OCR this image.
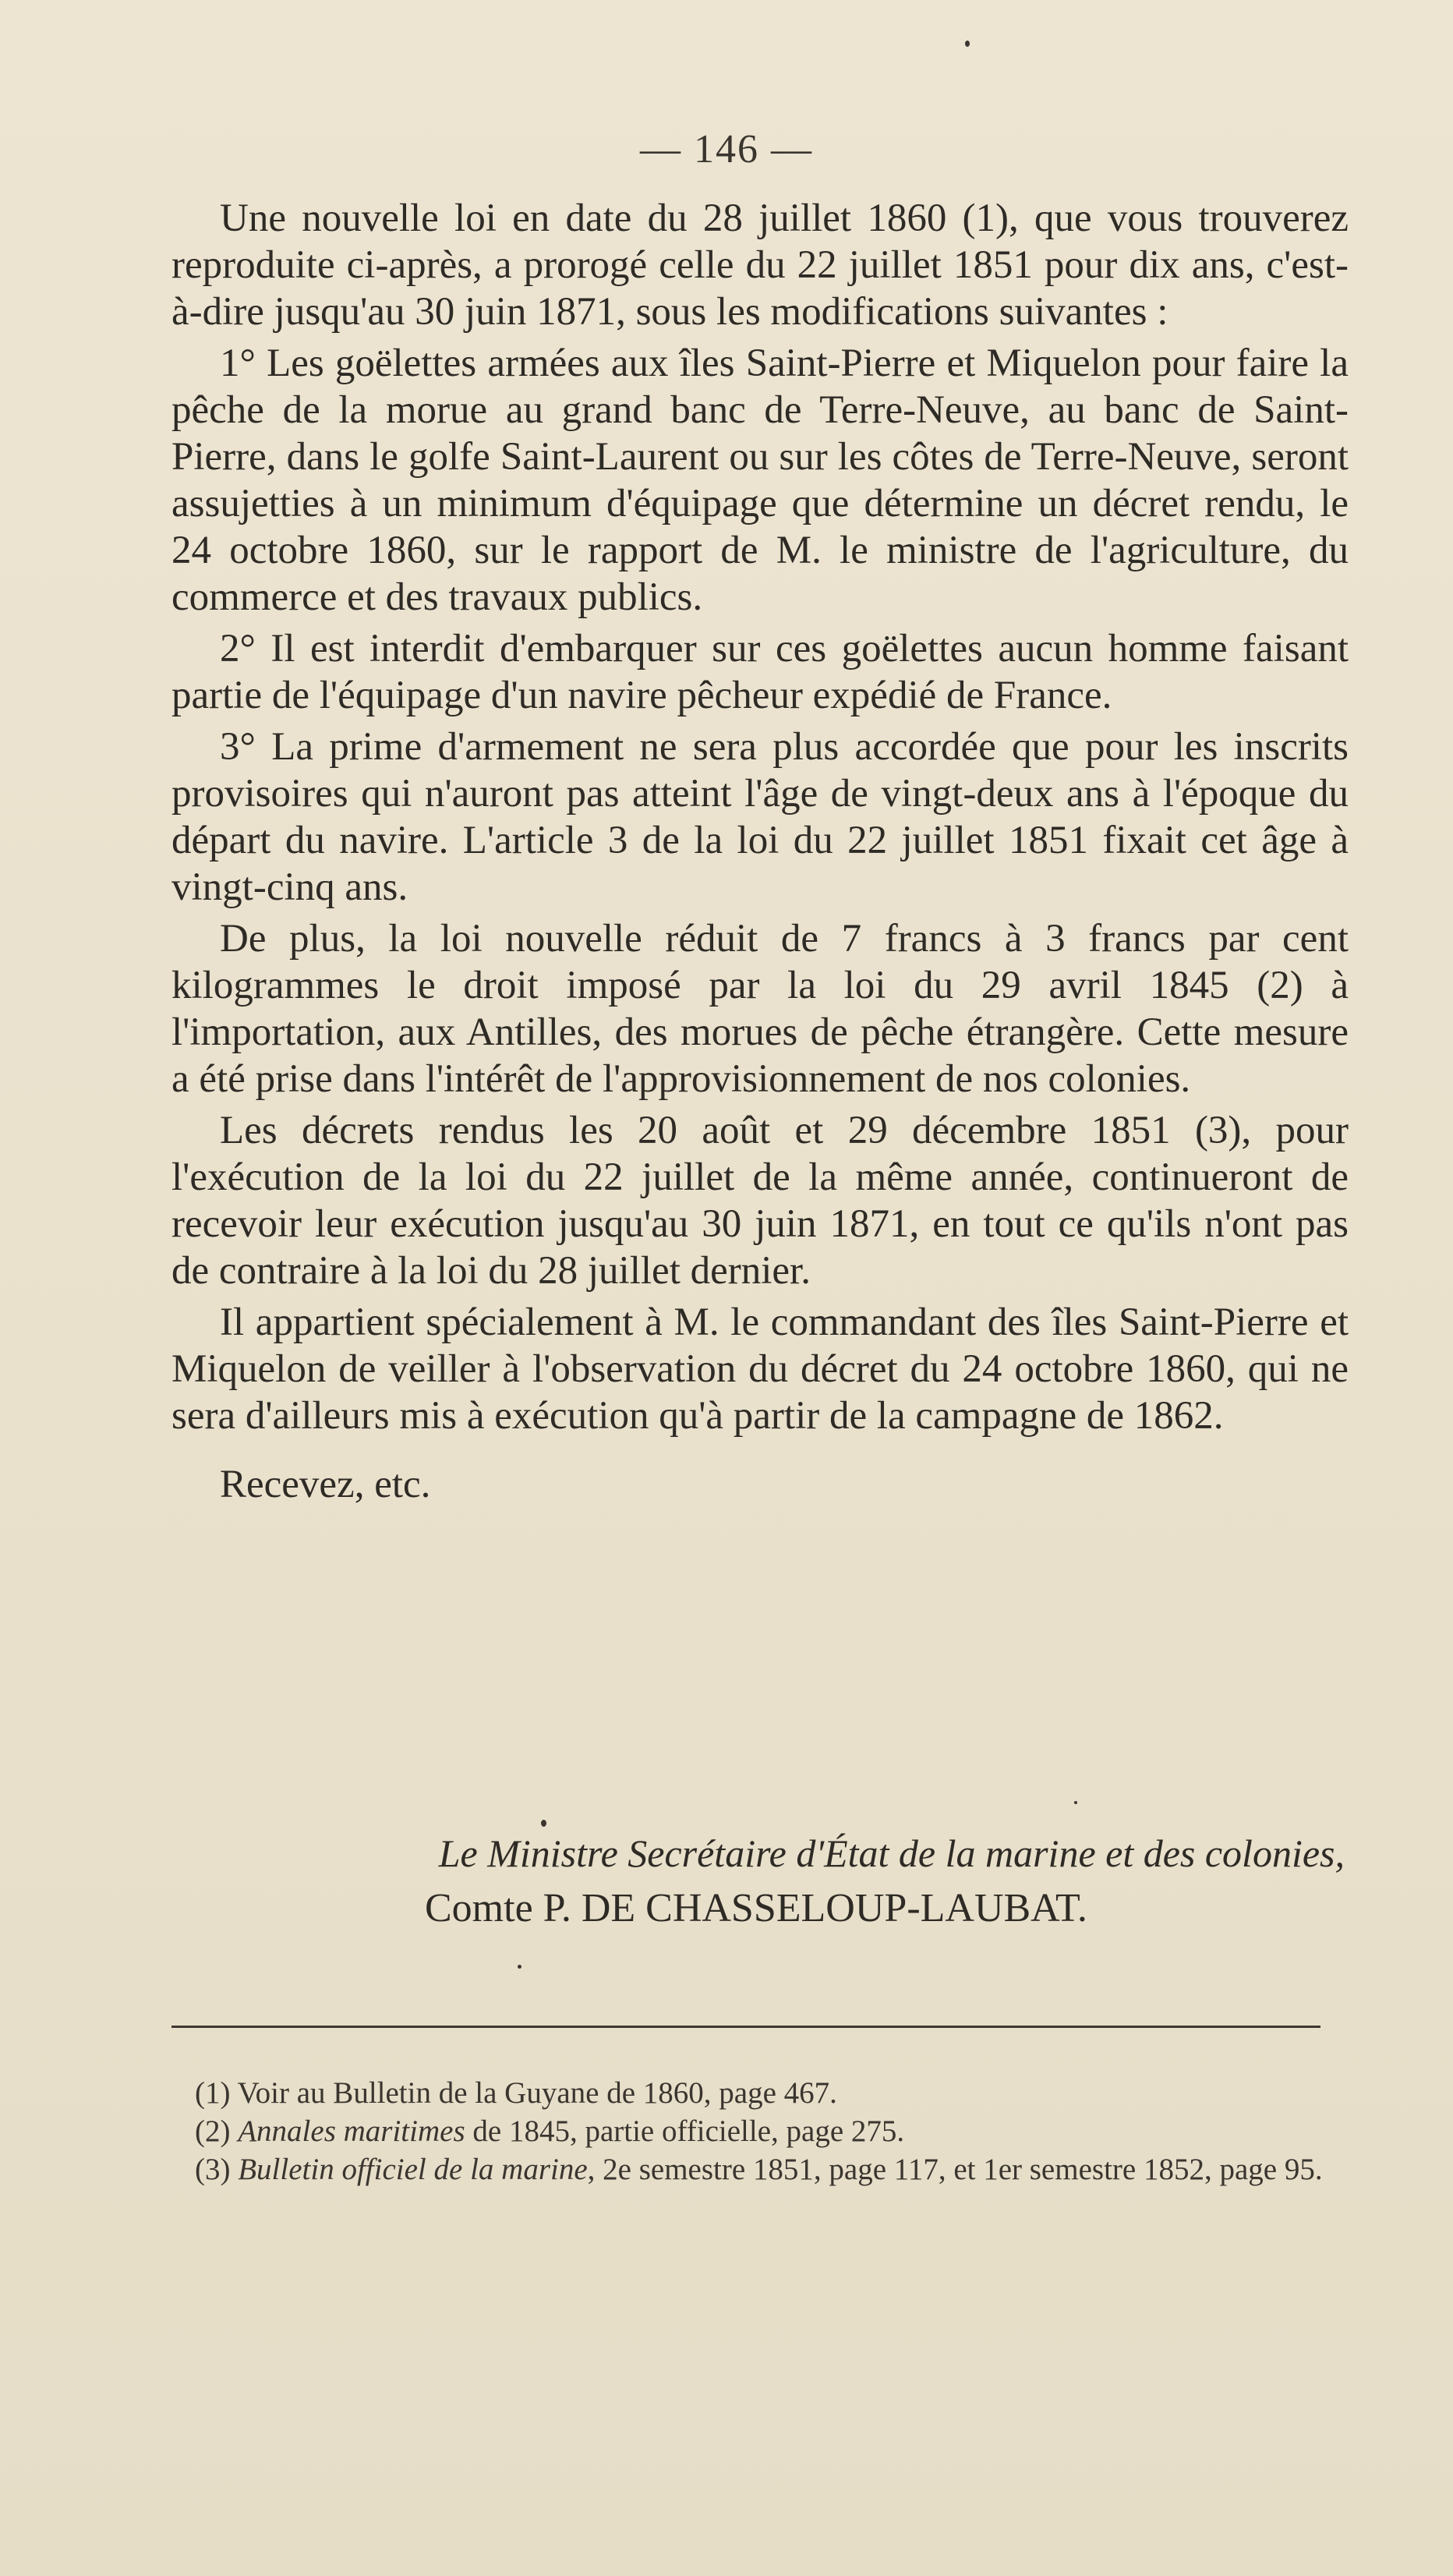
— 146 —

Une nouvelle loi en date du 28 juillet 1860 (1), que vous trouverez reproduite ci-après, a prorogé celle du 22 juillet 1851 pour dix ans, c'est-à-dire jusqu'au 30 juin 1871, sous les modifications suivantes :

1° Les goëlettes armées aux îles Saint-Pierre et Miquelon pour faire la pêche de la morue au grand banc de Terre-Neuve, au banc de Saint-Pierre, dans le golfe Saint-Laurent ou sur les côtes de Terre-Neuve, seront assujetties à un minimum d'équipage que détermine un décret rendu, le 24 octobre 1860, sur le rapport de M. le ministre de l'agriculture, du commerce et des travaux publics.

2° Il est interdit d'embarquer sur ces goëlettes aucun homme faisant partie de l'équipage d'un navire pêcheur expédié de France.

3° La prime d'armement ne sera plus accordée que pour les inscrits provisoires qui n'auront pas atteint l'âge de vingt-deux ans à l'époque du départ du navire. L'article 3 de la loi du 22 juillet 1851 fixait cet âge à vingt-cinq ans.

De plus, la loi nouvelle réduit de 7 francs à 3 francs par cent kilogrammes le droit imposé par la loi du 29 avril 1845 (2) à l'importation, aux Antilles, des morues de pêche étrangère. Cette mesure a été prise dans l'intérêt de l'approvisionnement de nos colonies.

Les décrets rendus les 20 août et 29 décembre 1851 (3), pour l'exécution de la loi du 22 juillet de la même année, continueront de recevoir leur exécution jusqu'au 30 juin 1871, en tout ce qu'ils n'ont pas de contraire à la loi du 28 juillet dernier.

Il appartient spécialement à M. le commandant des îles Saint-Pierre et Miquelon de veiller à l'observation du décret du 24 octobre 1860, qui ne sera d'ailleurs mis à exécution qu'à partir de la campagne de 1862.

Recevez, etc.

Le Ministre Secrétaire d'État de la marine et des colonies,
Comte P. DE CHASSELOUP-LAUBAT.

(1) Voir au Bulletin de la Guyane de 1860, page 467.

(2) Annales maritimes de 1845, partie officielle, page 275.

(3) Bulletin officiel de la marine, 2e semestre 1851, page 117, et 1er semestre 1852, page 95.
